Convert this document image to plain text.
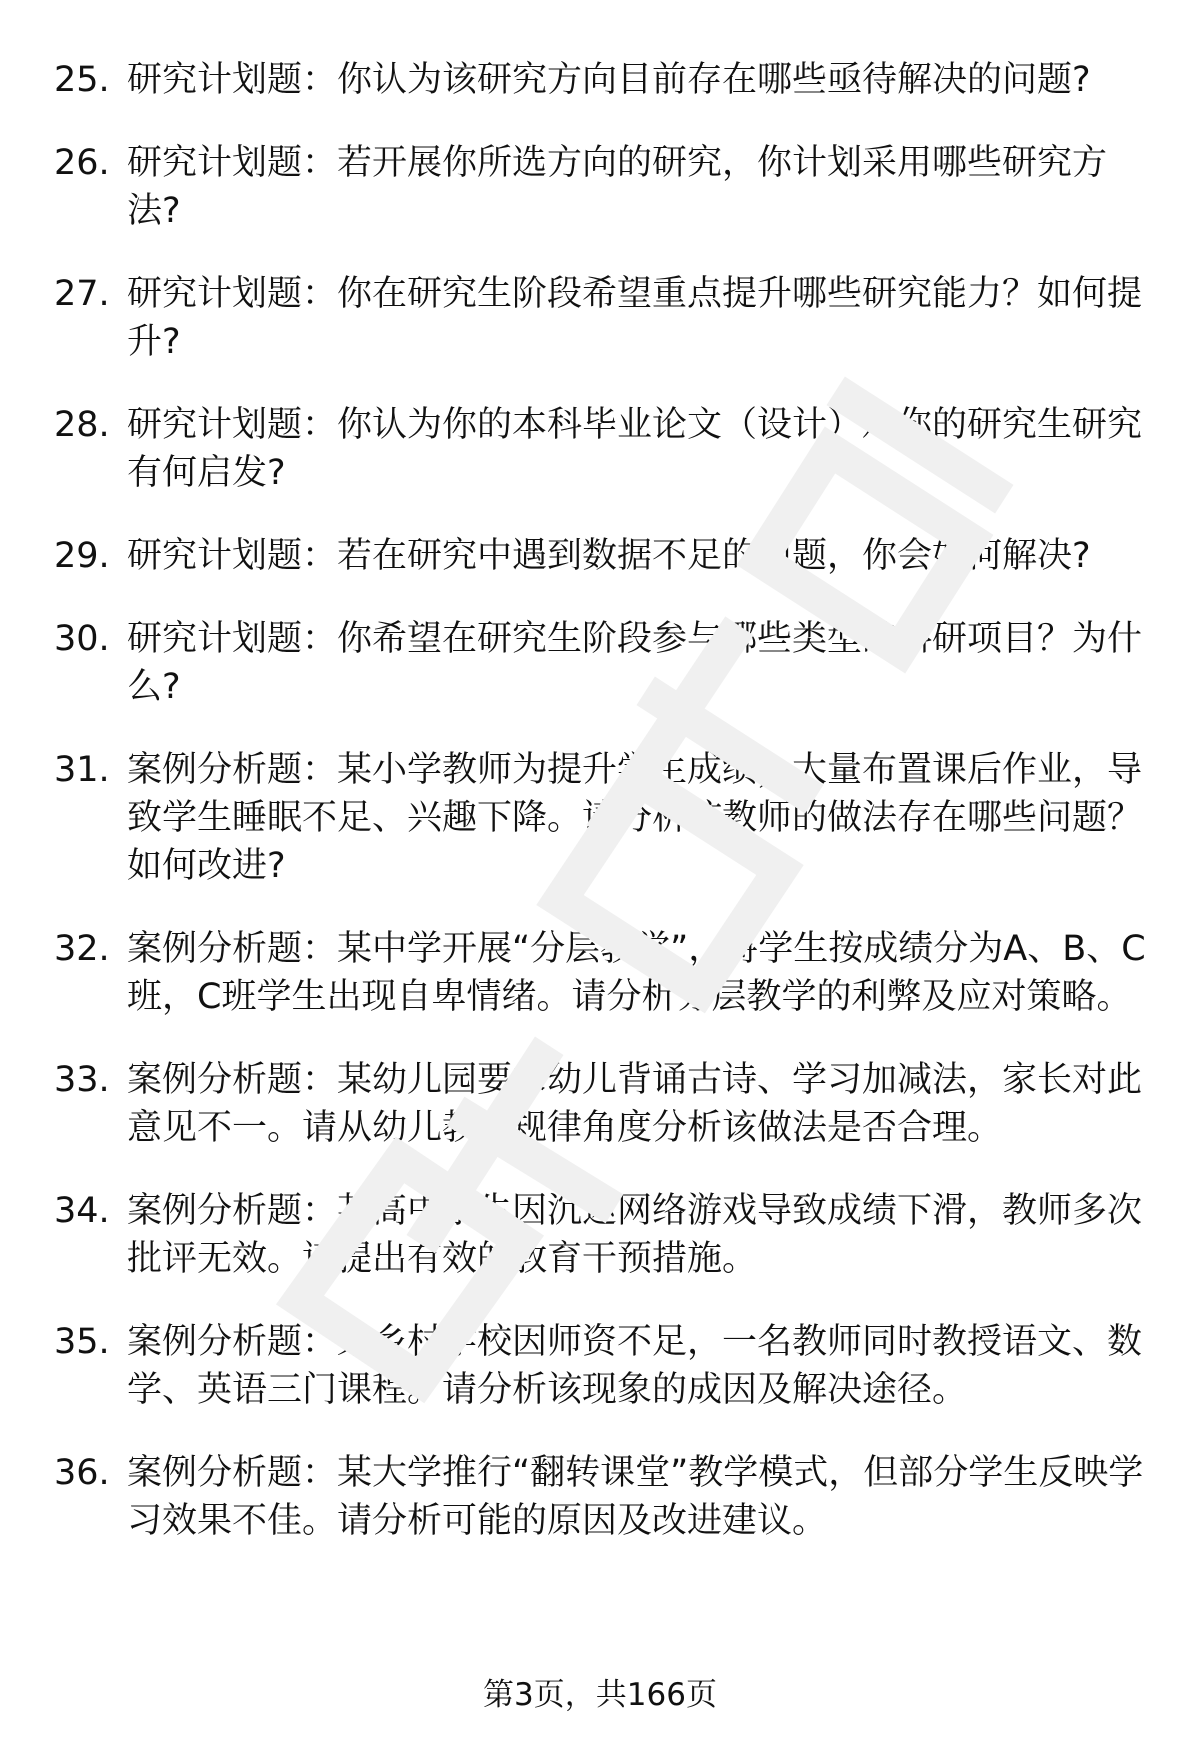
25. 研究计划题：你认为该研究方向目前存在哪些亟待解决的问题?
26. 研究计划题：若开展你所选方向的研究，你计划采用哪些研究方法?
27. 研究计划题：你在研究生阶段希望重点提升哪些研究能力？如何提升?
28. 研究计划题：你认为你的本科毕业论文（设计）对你的研究生研究有何启发?
29. 研究计划题：若在研究中遇到数据不足的问题，你会如何解决?
30. 研究计划题：你希望在研究生阶段参与哪些类型的科研项目？为什么?
31. 案例分析题：某小学教师为提升学生成绩，大量布置课后作业，导致学生睡眠不足、兴趣下降。请分析该教师的做法存在哪些问题？如何改进?
32. 案例分析题：某中学开展“分层教学”，将学生按成绩分为A、B、C班，C班学生出现自卑情绪。请分析分层教学的利弊及应对策略。
33. 案例分析题：某幼儿园要求幼儿背诵古诗、学习加减法，家长对此意见不一。请从幼儿教育规律角度分析该做法是否合理。
34. 案例分析题：某高中学生因沉迷网络游戏导致成绩下滑，教师多次批评无效。请提出有效的教育干预措施。
35. 案例分析题：某乡村学校因师资不足，一名教师同时教授语文、数学、英语三门课程。请分析该现象的成因及解决途径。
36. 案例分析题：某大学推行“翻转课堂”教学模式，但部分学生反映学习效果不佳。请分析可能的原因及改进建议。
第3页，共166页
